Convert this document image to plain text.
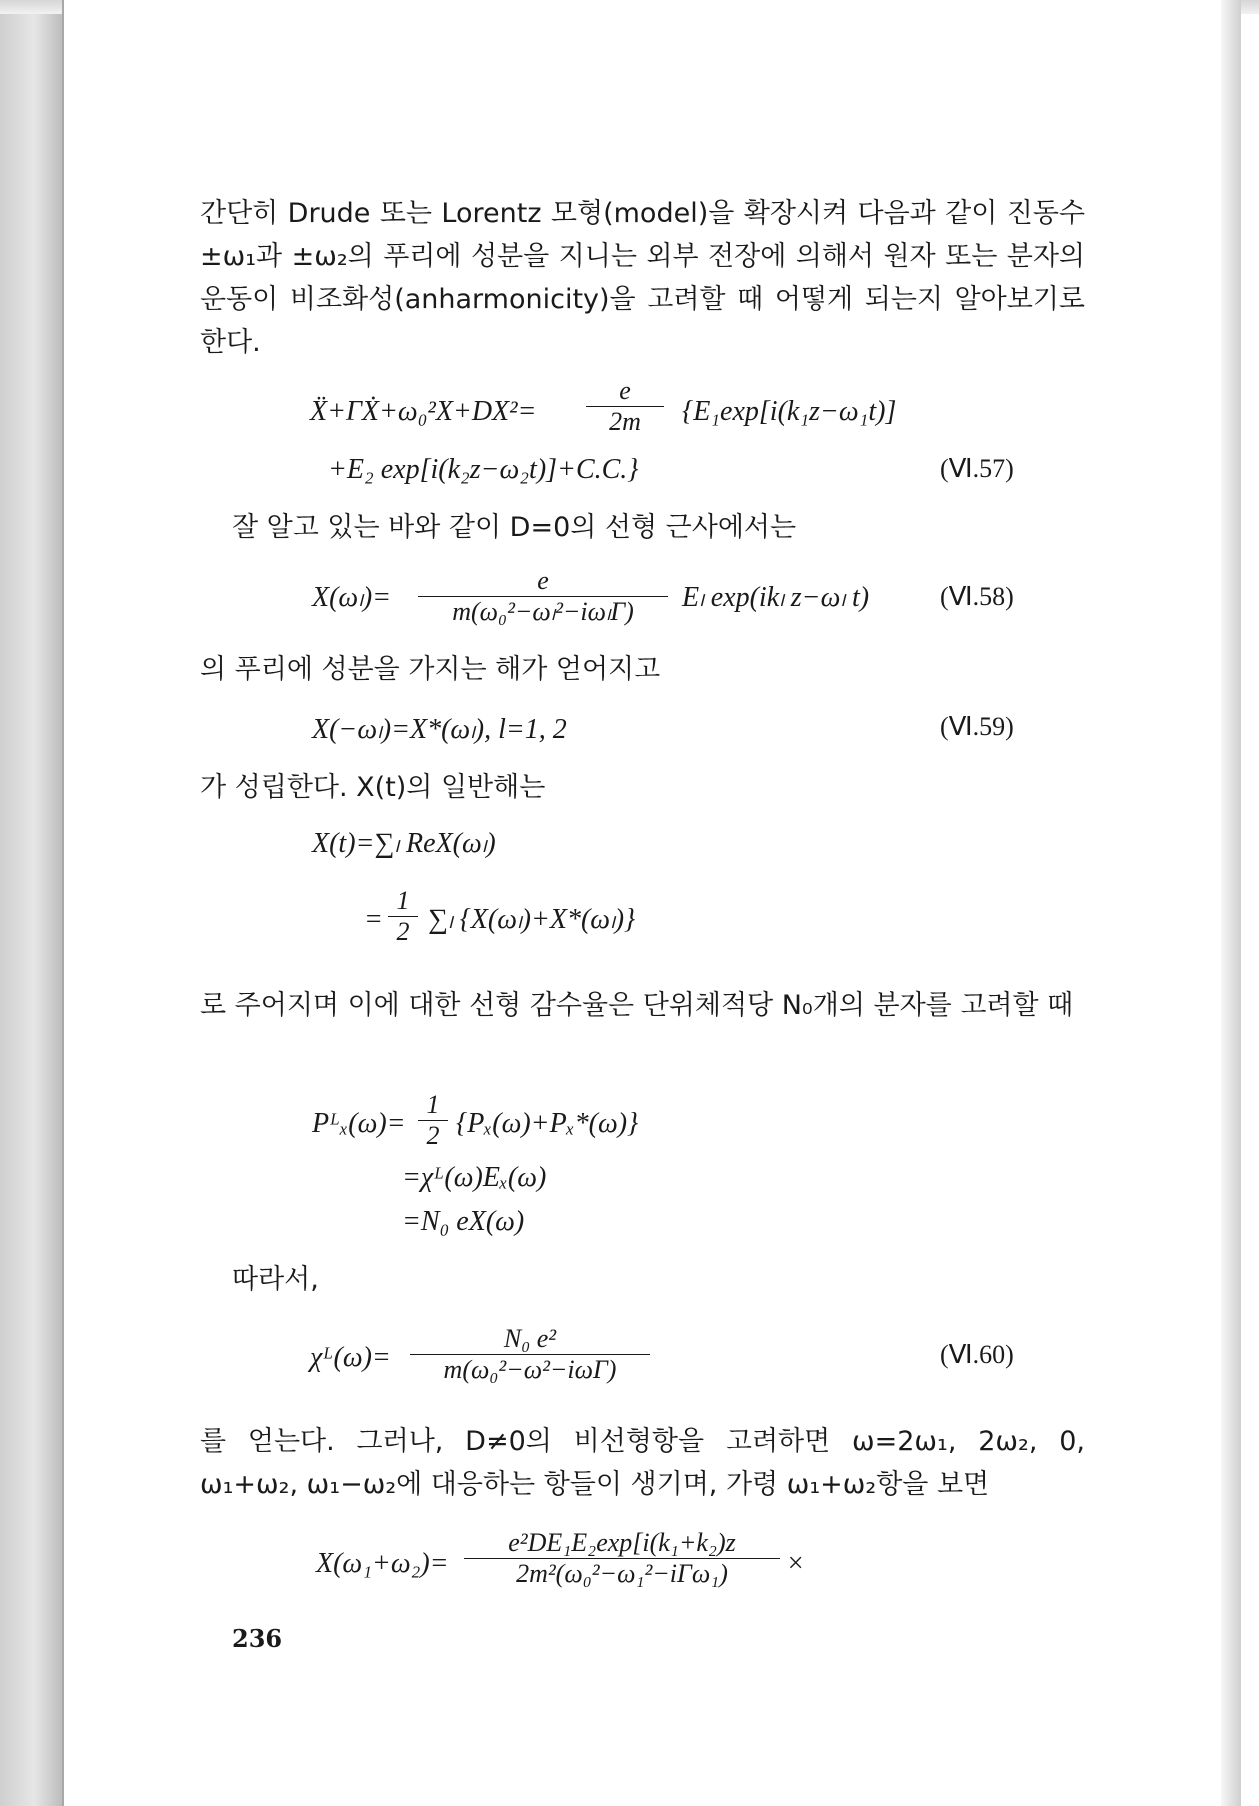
간단히 Drude 또는 Lorentz 모형(model)을 확장시켜 다음과 같이 진동수 ±ω₁과 ±ω₂의 푸리에 성분을 지니는 외부 전장에 의해서 원자 또는 분자의 운동이 비조화성(anharmonicity)을 고려할 때 어떻게 되는지 알아보기로 한다.
Ẍ+ΓẊ+ω₀²X+DX²= $\frac{e}{2m} \{E_1\exp[i(k_1z-\omega_1t)]$
+E₂ exp[i(k₂z−ω₂t)]+C.C.}	(Ⅵ.57)
잘 알고 있는 바와 같이 D=0의 선형 근사에서는
X(ωₗ)=
e
m(ω₀²−ωₗ²−iωₗΓ)	Eₗ exp(ikₗ z−ωₗ t)	(Ⅵ.58)
의 푸리에 성분을 가지는 해가 얻어지고
X(−ωₗ)=X*(ωₗ), l=1, 2	(Ⅵ.59)
가 성립한다. X(t)의 일반해는
X(t)=∑ₗ ReX(ωₗ)
= $\frac{1}{2} \sum_l$ {X(ωₗ)+X*(ωₗ)}
로 주어지며 이에 대한 선형 감수율은 단위체적당 N₀개의 분자를 고려할 때
Pᴸₓ(ω)= $\frac{1}{2} \{P_x(\omega)+P_x*(\omega)\}$
=χᴸ(ω)Eₓ(ω)
=N₀ eX(ω)
따라서,
χᴸ(ω)=
N₀ e²
m(ω₀²−ω²−iωΓ)
(Ⅵ.60)
를 얻는다. 그러나, D≠0의 비선형항을 고려하면 ω=2ω₁, 2ω₂, 0, ω₁+ω₂, ω₁−ω₂에 대응하는 항들이 생기며, 가령 ω₁+ω₂항을 보면
X(ω₁+ω₂)=
e²DE₁E₂exp[i(k₁+k₂)z
2m²(ω₀²−ω₁²−iΓω₁)	×
236
